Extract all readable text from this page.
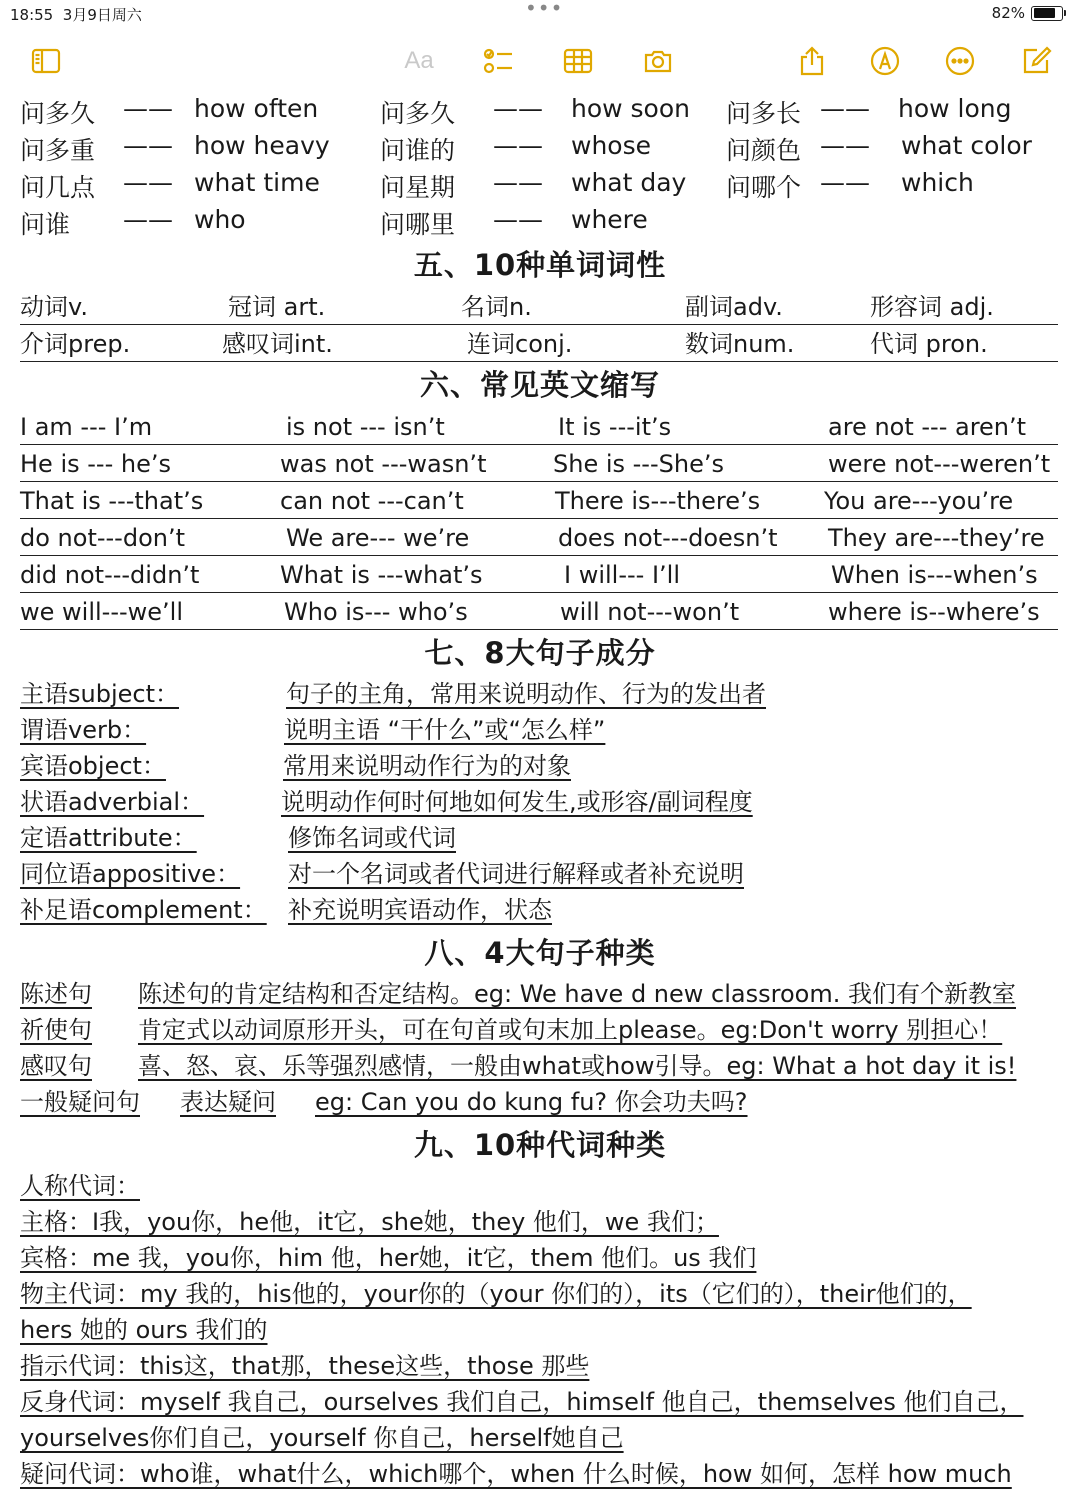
18:55 3月9日周六	•••	82%
Aa
问多久 —— how often 问多久 —— how soon 问多长 —— how long
问多重 —— how heavy 问谁的 —— whose	问颜色 —— what color
问几点 —— what time 问星期 —— what day 问哪个 —— which
问谁 —— who	问哪里 —— where
五、10种单词词性
动词v.	冠词 art.	名词n.	副词adv.	形容词 adj.
介词prep.	感叹词int.	连词conj.	数词num.	代词 pron.
六、常见英文缩写
I am --- I’m	is not --- isn’t	It is ---it’s	are not --- aren’t
He is --- he’s	was not ---wasn’t	She is ---She’s	were not---weren’t
That is ---that’s	can not ---can’t	There is---there’s	You are---you’re
do not---don’t	We are--- we’re	does not---doesn’t They are---they’re
did not---didn’t	What is ---what’s	I will--- I’ll	When is---when’s
we will---we’ll	Who is--- who’s	will not---won’t	where is--where’s
七、8大句子成分
主语subject：	句子的主角，常用来说明动作、行为的发出者
谓语verb：	说明主语 “干什么”或“怎么样”
宾语object：	常用来说明动作行为的对象
状语adverbial：	说明动作何时何地如何发生,或形容/副词程度
定语attribute：	修饰名词或代词
同位语appositive： 对一个名词或者代词进行解释或者补充说明
补足语complement： 补充说明宾语动作，状态
八、4大句子种类
陈述句 陈述句的肯定结构和否定结构。eg: We have d new classroom. 我们有个新教室
祈使句 肯定式以动词原形开头，可在句首或句末加上please。eg:Don't worry 别担心！
感叹句 喜、怒、哀、乐等强烈感情，一般由what或how引导。eg: What a hot day it is!
一般疑问句 表达疑问 eg: Can you do kung fu? 你会功夫吗?
九、10种代词种类
人称代词：
主格：I我，you你，he他，it它，she她，they 他们，we 我们；
宾格：me 我，you你，him 他，her她，it它，them 他们。us 我们
物主代词：my 我的，his他的，your你的（your 你们的），its（它们的），their他们的，
hers 她的 ours 我们的
指示代词：this这，that那，these这些，those 那些
反身代词：myself 我自己，ourselves 我们自己，himself 他自己，themselves 他们自己，
yourselves你们自己，yourself 你自己，herself她自己
疑问代词：who谁，what什么，which哪个，when 什么时候，how 如何，怎样 how much
